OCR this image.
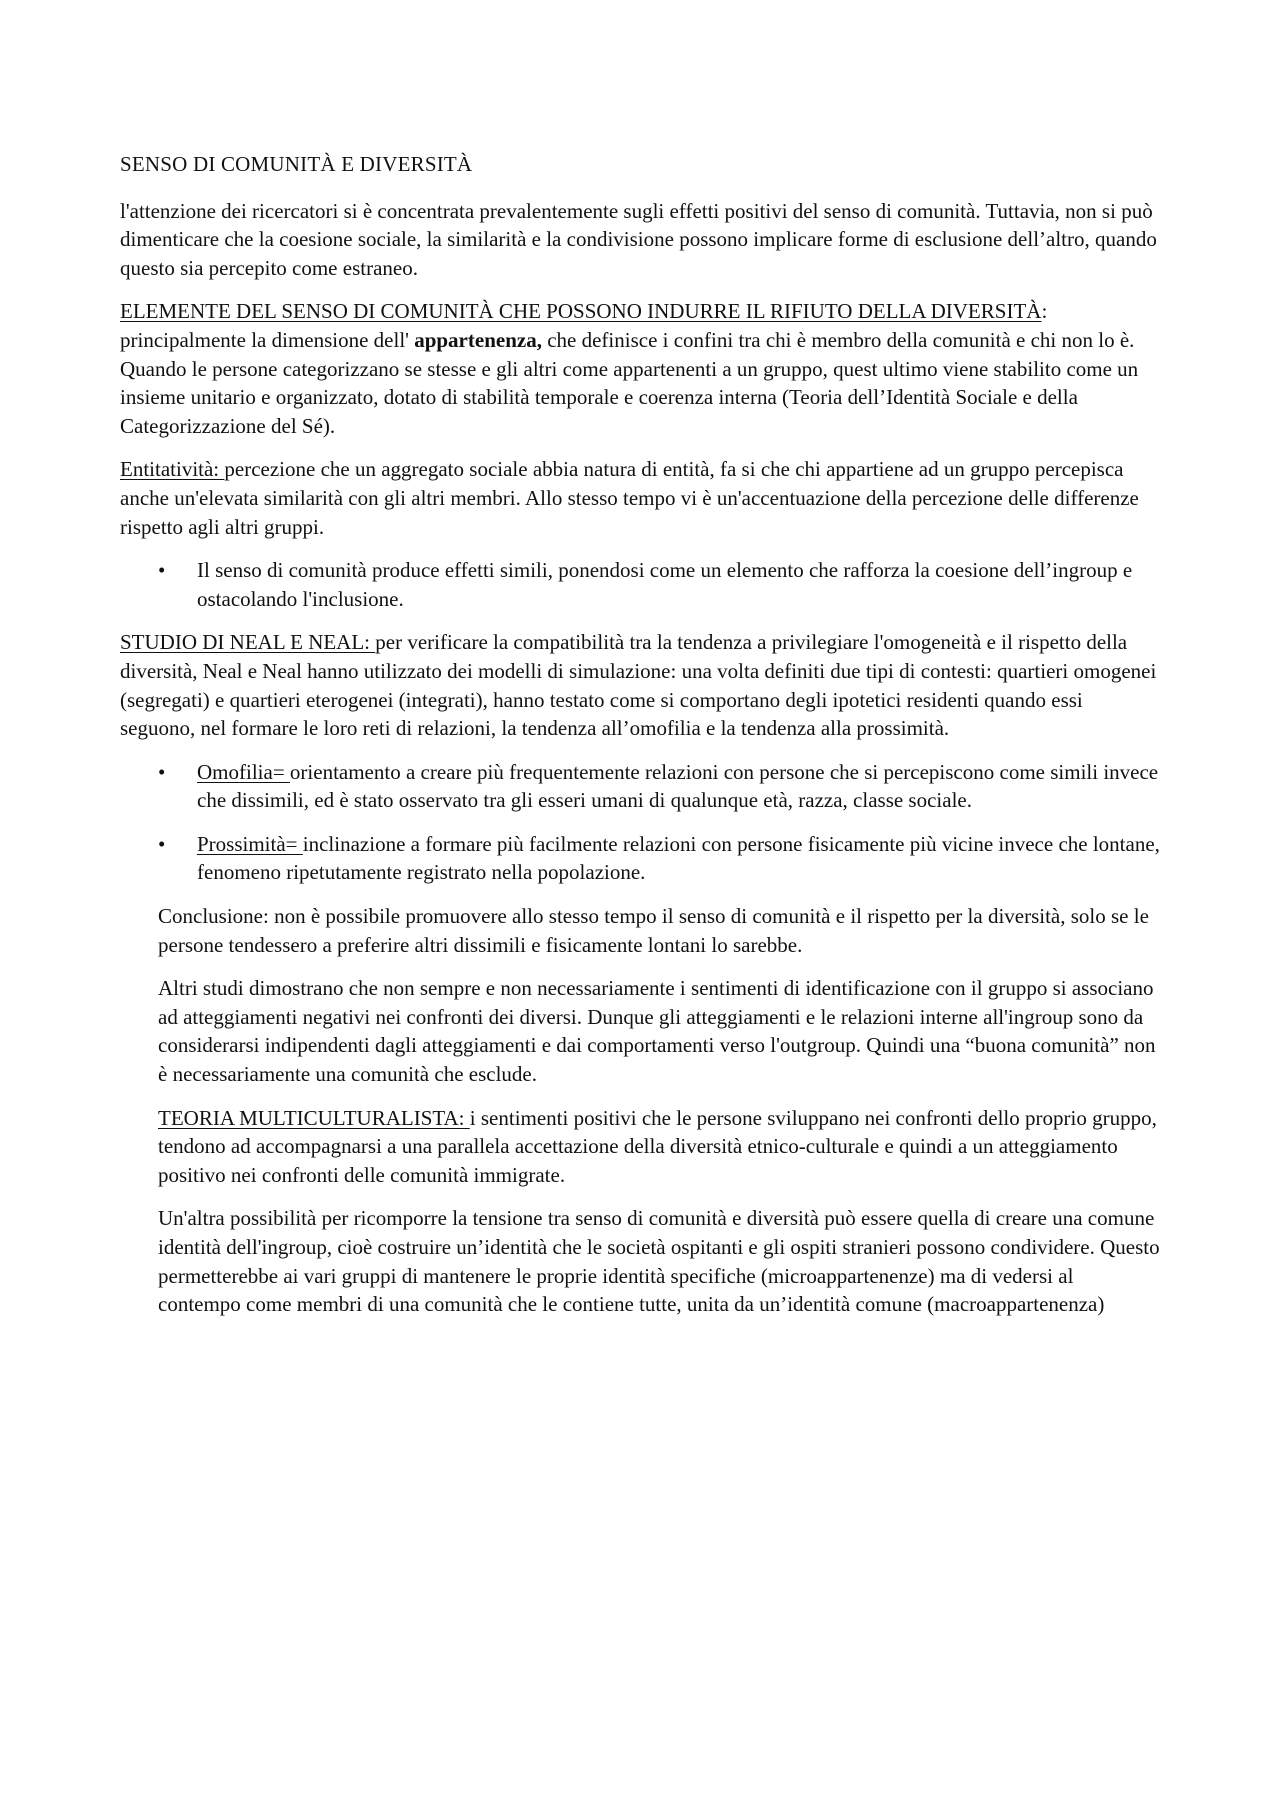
SENSO DI COMUNITÀ E DIVERSITÀ

l'attenzione dei ricercatori si è concentrata prevalentemente sugli effetti positivi del senso di comunità. Tuttavia, non si può dimenticare che la coesione sociale, la similarità e la condivisione possono implicare forme di esclusione dell’altro, quando questo sia percepito come estraneo.

ELEMENTE DEL SENSO DI COMUNITÀ CHE POSSONO INDURRE IL RIFIUTO DELLA DIVERSITÀ: principalmente la dimensione dell' appartenenza, che definisce i confini tra chi è membro della comunità e chi non lo è. Quando le persone categorizzano se stesse e gli altri come appartenenti a un gruppo, quest ultimo viene stabilito come un insieme unitario e organizzato, dotato di stabilità temporale e coerenza interna (Teoria dell’Identità Sociale e della Categorizzazione del Sé).

Entitatività: percezione che un aggregato sociale abbia natura di entità, fa si che chi appartiene ad un gruppo percepisca anche un'elevata similarità con gli altri membri. Allo stesso tempo vi è un'accentuazione della percezione delle differenze rispetto agli altri gruppi.

• Il senso di comunità produce effetti simili, ponendosi come un elemento che rafforza la coesione dell’ingroup e ostacolando l'inclusione.

STUDIO DI NEAL E NEAL: per verificare la compatibilità tra la tendenza a privilegiare l'omogeneità e il rispetto della diversità, Neal e Neal hanno utilizzato dei modelli di simulazione: una volta definiti due tipi di contesti: quartieri omogenei (segregati) e quartieri eterogenei (integrati), hanno testato come si comportano degli ipotetici residenti quando essi seguono, nel formare le loro reti di relazioni, la tendenza all’omofilia e la tendenza alla prossimità.

• Omofilia= orientamento a creare più frequentemente relazioni con persone che si percepiscono come simili invece che dissimili, ed è stato osservato tra gli esseri umani di qualunque età, razza, classe sociale.
• Prossimità= inclinazione a formare più facilmente relazioni con persone fisicamente più vicine invece che lontane, fenomeno ripetutamente registrato nella popolazione.

Conclusione: non è possibile promuovere allo stesso tempo il senso di comunità e il rispetto per la diversità, solo se le persone tendessero a preferire altri dissimili e fisicamente lontani lo sarebbe.

Altri studi dimostrano che non sempre e non necessariamente i sentimenti di identificazione con il gruppo si associano ad atteggiamenti negativi nei confronti dei diversi. Dunque gli atteggiamenti e le relazioni interne all'ingroup sono da considerarsi indipendenti dagli atteggiamenti e dai comportamenti verso l'outgroup. Quindi una “buona comunità” non è necessariamente una comunità che esclude.

TEORIA MULTICULTURALISTA: i sentimenti positivi che le persone sviluppano nei confronti dello proprio gruppo, tendono ad accompagnarsi a una parallela accettazione della diversità etnico-culturale e quindi a un atteggiamento positivo nei confronti delle comunità immigrate.

Un'altra possibilità per ricomporre la tensione tra senso di comunità e diversità può essere quella di creare una comune identità dell'ingroup, cioè costruire un’identità che le società ospitanti e gli ospiti stranieri possono condividere. Questo permetterebbe ai vari gruppi di mantenere le proprie identità specifiche (microappartenenze) ma di vedersi al contempo come membri di una comunità che le contiene tutte, unita da un’identità comune (macroappartenenza)
